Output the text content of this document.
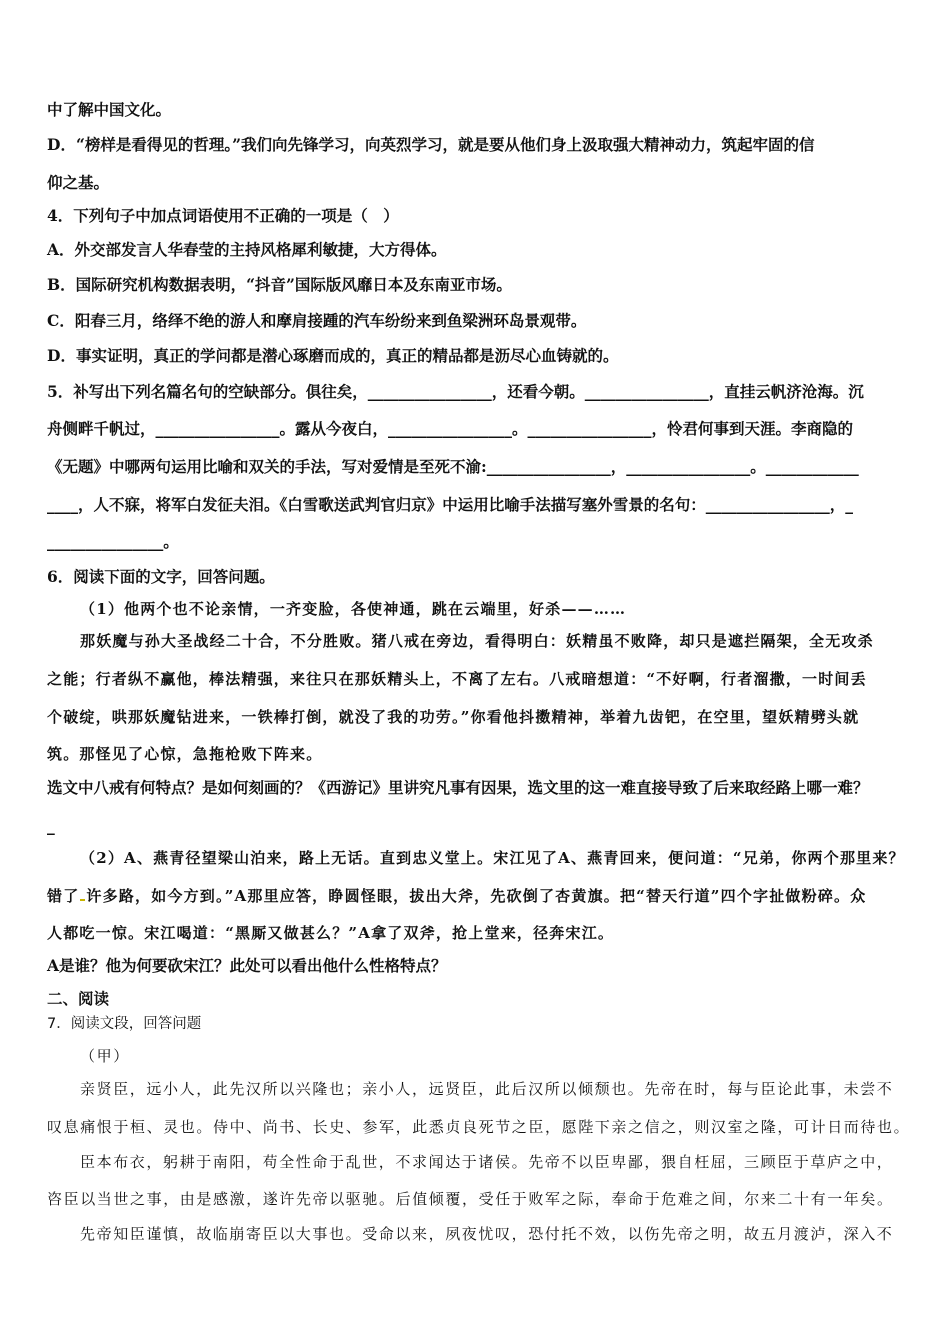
中了解中国文化。
D．“榜样是看得见的哲理。”我们向先锋学习，向英烈学习，就是要从他们身上汲取强大精神动力，筑起牢固的信
仰之基。
4．下列句子中加点词语使用不正确的一项是（　）
A．外交部发言人华春莹的主持风格犀利敏捷，大方得体。
B．国际研究机构数据表明，“抖音”国际版风靡日本及东南亚市场。
C．阳春三月，络绎不绝的游人和摩肩接踵的汽车纷纷来到鱼梁洲环岛景观带。
D．事实证明，真正的学问都是潜心琢磨而成的，真正的精品都是沥尽心血铸就的。
5．补写出下列名篇名句的空缺部分。俱往矣，________________，还看今朝。________________，直挂云帆济沧海。沉
舟侧畔千帆过，________________。露从今夜白，________________。________________，怜君何事到天涯。李商隐的
《无题》中哪两句运用比喻和双关的手法，写对爱情是至死不渝:________________，________________。____________
____，人不寐，将军白发征夫泪。《白雪歌送武判官归京》中运用比喻手法描写塞外雪景的名句：________________，_
_______________。
6．阅读下面的文字，回答问题。
（1）他两个也不论亲情，一齐变脸，各使神通，跳在云端里，好杀——……
那妖魔与孙大圣战经二十合，不分胜败。猪八戒在旁边，看得明白：妖精虽不败降，却只是遮拦隔架，全无攻杀
之能；行者纵不赢他，棒法精强，来往只在那妖精头上，不离了左右。八戒暗想道：“不好啊，行者溜撒，一时间丢
个破绽，哄那妖魔钻进来，一铁棒打倒，就没了我的功劳。”你看他抖擞精神，举着九齿钯，在空里，望妖精劈头就
筑。那怪见了心惊，急拖枪败下阵来。
选文中八戒有何特点？是如何刻画的？《西游记》里讲究凡事有因果，选文里的这一难直接导致了后来取经路上哪一难？
_
（2）A、燕青径望梁山泊来，路上无话。直到忠义堂上。宋江见了A、燕青回来，便问道：“兄弟，你两个那里来？
错了 许多路，如今方到。”A那里应答，睁圆怪眼，拔出大斧，先砍倒了杏黄旗。把“替天行道”四个字扯做粉碎。众
人都吃一惊。宋江喝道：“黑厮又做甚么？”A拿了双斧，抢上堂来，径奔宋江。
A是谁？他为何要砍宋江？此处可以看出他什么性格特点？
二、阅读
7．阅读文段，回答问题
（甲）
亲贤臣，远小人，此先汉所以兴隆也；亲小人，远贤臣，此后汉所以倾颓也。先帝在时，每与臣论此事，未尝不
叹息痛恨于桓、灵也。侍中、尚书、长史、参军，此悉贞良死节之臣，愿陛下亲之信之，则汉室之隆，可计日而待也。
臣本布衣，躬耕于南阳，苟全性命于乱世，不求闻达于诸侯。先帝不以臣卑鄙，猥自枉屈，三顾臣于草庐之中，
咨臣以当世之事，由是感激，遂许先帝以驱驰。后值倾覆，受任于败军之际，奉命于危难之间，尔来二十有一年矣。
先帝知臣谨慎，故临崩寄臣以大事也。受命以来，夙夜忧叹，恐付托不效，以伤先帝之明，故五月渡泸，深入不
